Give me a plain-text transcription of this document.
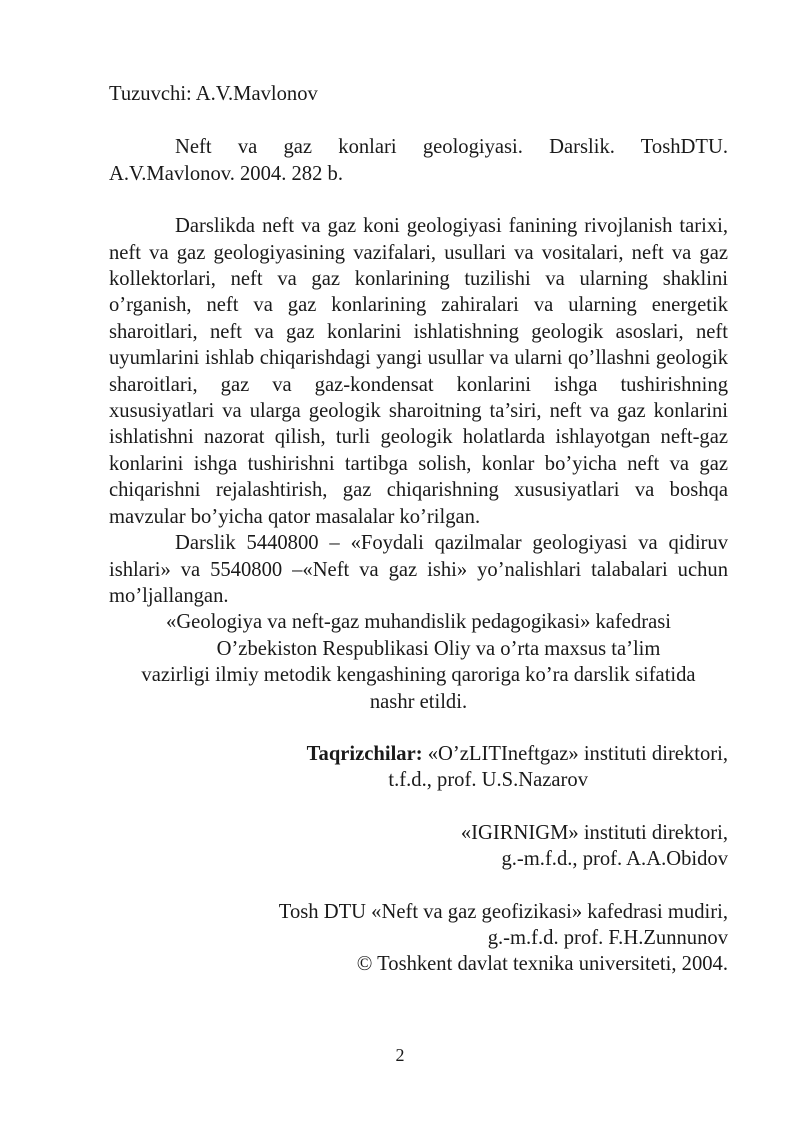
Tuzuvchi: A.V.Mavlonov

Neft va gaz konlari geologiyasi. Darslik. ToshDTU. A.V.Mavlonov. 2004. 282 b.

Darslikda neft va gaz koni geologiyasi fanining rivojlanish tarixi, neft va gaz geologiyasining vazifalari, usullari va vositalari, neft va gaz kollektorlari, neft va gaz konlarining tuzilishi va ularning shaklini o’rganish, neft va gaz konlarining zahiralari va ularning energetik sharoitlari, neft va gaz konlarini ishlatishning geologik asoslari, neft uyumlarini ishlab chiqarishdagi yangi usullar va ularni qo’llashni geologik sharoitlari, gaz va gaz-kondensat konlarini ishga tushirishning xususiyatlari va ularga geologik sharoitning ta’siri, neft va gaz konlarini ishlatishni nazorat qilish, turli geologik holatlarda ishlayotgan neft-gaz konlarini ishga tushirishni tartibga solish, konlar bo’yicha neft va gaz chiqarishni rejalashtirish, gaz chiqarishning xususiyatlari va boshqa mavzular bo’yicha qator masalalar ko’rilgan.

Darslik 5440800 – «Foydali qazilmalar geologiyasi va qidiruv ishlari» va 5540800 –«Neft va gaz ishi» yo’nalishlari talabalari uchun mo’ljallangan.

«Geologiya va neft-gaz muhandislik pedagogikasi» kafedrasi

O’zbekiston Respublikasi Oliy va o’rta maxsus ta’lim

vazirligi ilmiy metodik kengashining qaroriga ko’ra darslik sifatida

nashr etildi.

Taqrizchilar: «O’zLITIneftgaz» instituti direktori,

t.f.d., prof. U.S.Nazarov

«IGIRNIGM» instituti direktori,

g.-m.f.d., prof. A.A.Obidov

Tosh DTU «Neft va gaz geofizikasi» kafedrasi mudiri,

g.-m.f.d. prof. F.H.Zunnunov

© Toshkent davlat texnika universiteti, 2004.

2
